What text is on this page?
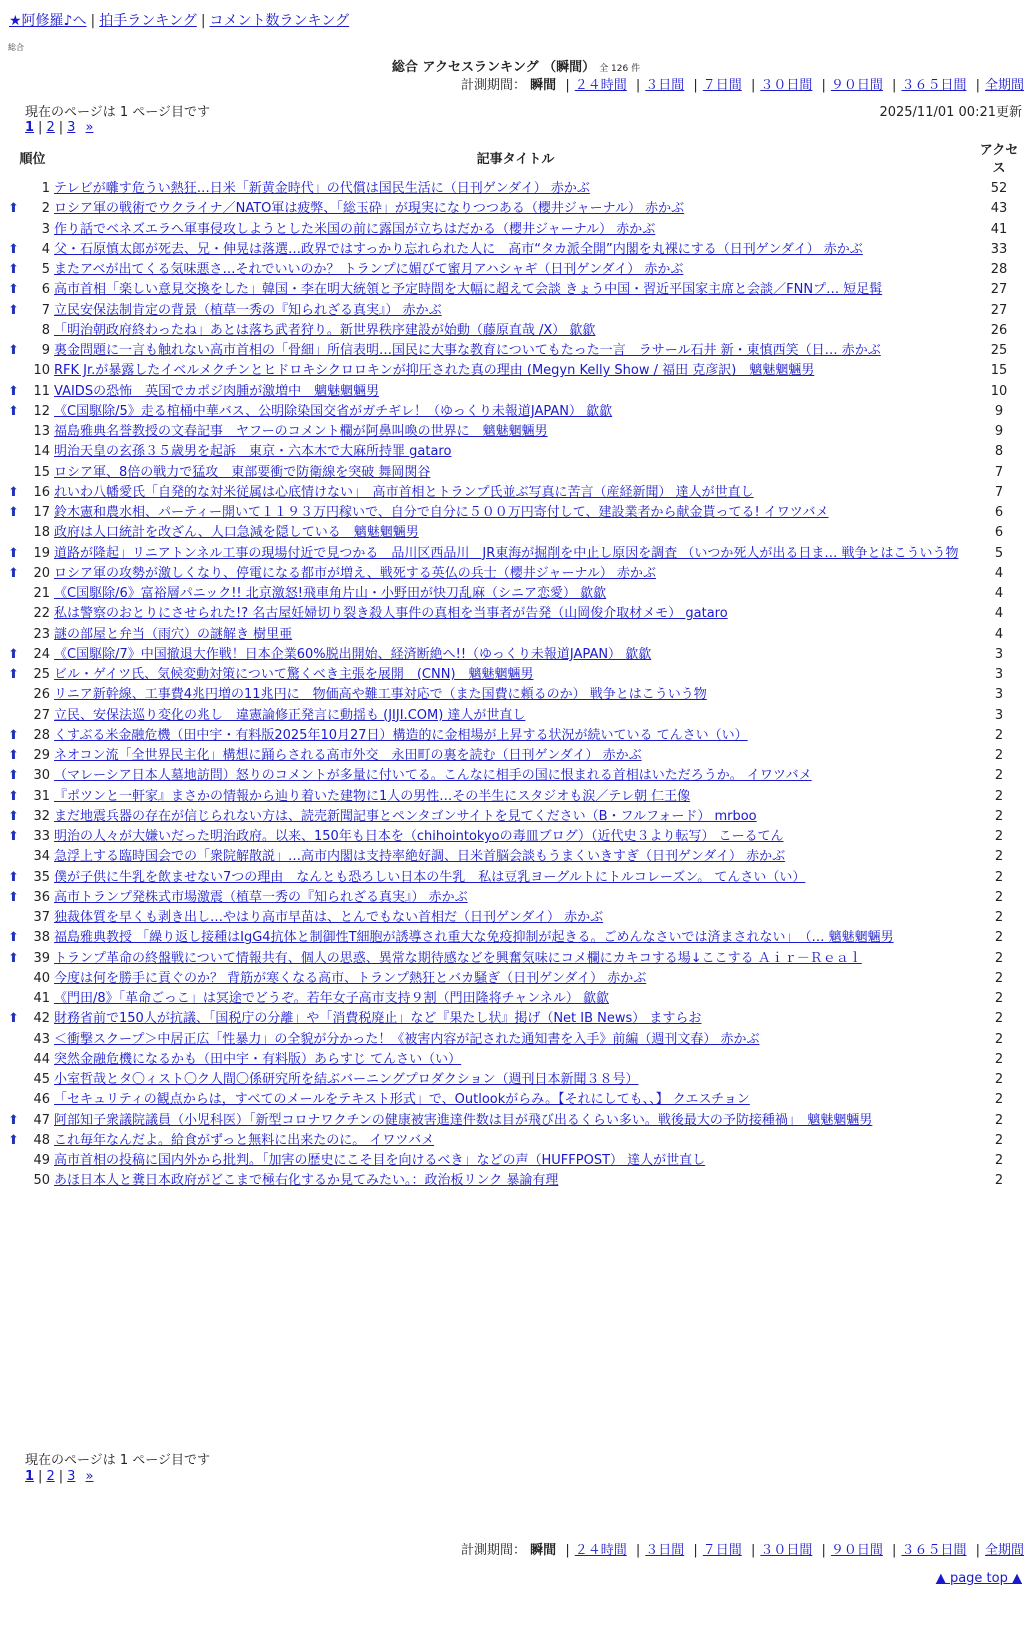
★阿修羅♪へ | 拍手ランキング | コメント数ランキング
総合
総合 アクセスランキング （瞬間） 全 126 件
計測期間： 瞬間 | ２４時間 | ３日間 | ７日間 | ３０日間 | ９０日間 | ３６５日間 | 全期間
現在のページは 1 ページ目です	2025/11/01 00:21更新
1 | 2 | 3 »
順位		記事タイトル	アクセス
	1	テレビが囃す危うい熱狂…日米「新黄金時代」の代償は国民生活に（日刊ゲンダイ） 赤かぶ	52
⬆	2	ロシア軍の戦術でウクライナ／NATO軍は疲弊、「総玉砕」が現実になりつつある（櫻井ジャーナル） 赤かぶ	43
	3	作り話でベネズエラへ軍事侵攻しようとした米国の前に露国が立ちはだかる（櫻井ジャーナル） 赤かぶ	41
⬆	4	父・石原慎太郎が死去、兄・伸晃は落選…政界ではすっかり忘れられた人に　高市“タカ派全開”内閣を丸裸にする（日刊ゲンダイ） 赤かぶ	33
⬆	5	またアベが出てくる気味悪さ…それでいいのか？ トランプに媚びて蜜月アハシャギ（日刊ゲンダイ） 赤かぶ	28
⬆	6	高市首相「楽しい意見交換をした」韓国・李在明大統領と予定時間を大幅に超えて会談 きょう中国・習近平国家主席と会談／FNNプ… 短足髯	27
⬆	7	立民安保法制肯定の背景（植草一秀の『知られざる真実』） 赤かぶ	27
	8	「明治朝政府終わったね」あとは落ち武者狩り。新世界秩序建設が始動（藤原直哉 /X） 歙歙	26
⬆	9	裏金問題に一言も触れない高市首相の「骨細」所信表明…国民に大事な教育についてもたった一言　ラサール石井 新・東慎西笑（日… 赤かぶ	25
	10	RFK Jr.が暴露したイベルメクチンとヒドロキシクロロキンが抑圧された真の理由 (Megyn Kelly Show / 福田 克彦訳)　魑魅魍魎男	15
⬆	11	VAIDSの恐怖　英国でカポジ肉腫が激増中　魑魅魍魎男	10
⬆	12	《C国駆除/5》走る棺桶中華バス、公明除染国交省がガチギレ！（ゆっくり未報道JAPAN） 歙歙	9
	13	福島雅典名誉教授の文春記事　ヤフーのコメント欄が阿鼻叫喚の世界に　魑魅魍魎男	9
	14	明治天皇の玄孫３５歳男を起訴　東京・六本木で大麻所持罪 gataro	8
	15	ロシア軍、8倍の戦力で猛攻　東部要衝で防衛線を突破 舞岡関谷	7
⬆	16	れいわ八幡愛氏「自発的な対米従属は心底情けない」　高市首相とトランプ氏並ぶ写真に苦言（産経新聞） 達人が世直し	7
⬆	17	鈴木憲和農水相、パーティー開いて１１９３万円稼いで、自分で自分に５００万円寄付して、建設業者から献金貰ってる! イワツバメ	6
	18	政府は人口統計を改ざん、人口急減を隠している　魑魅魍魎男	6
⬆	19	道路が隆起」リニアトンネル工事の現場付近で見つかる　品川区西品川　JR東海が掘削を中止し原因を調査 （いつか死人が出る日ま… 戦争とはこういう物	5
⬆	20	ロシア軍の攻勢が激しくなり、停電になる都市が増え、戦死する英仏の兵士（櫻井ジャーナル） 赤かぶ	4
	21	《C国駆除/6》富裕層パニック!! 北京激怒!飛車角片山・小野田が快刀乱麻（シニア恋愛） 歙歙	4
	22	私は警察のおとりにさせられた!? 名古屋妊婦切り裂き殺人事件の真相を当事者が告発（山岡俊介取材メモ） gataro	4
	23	謎の部屋と弁当（雨穴）の謎解き 樹里亜	4
⬆	24	《C国駆除/7》中国撤退大作戦！日本企業60%脱出開始、経済断絶へ!!（ゆっくり未報道JAPAN） 歙歙	3
⬆	25	ビル・ゲイツ氏、気候変動対策について驚くべき主張を展開　(CNN)　魑魅魍魎男	3
	26	リニア新幹線、工事費4兆円増の11兆円に　物価高や難工事対応で（また国費に頼るのか） 戦争とはこういう物	3
	27	立民、安保法巡り変化の兆し　違憲論修正発言に動揺も (JIJI.COM) 達人が世直し	3
⬆	28	くすぶる米金融危機（田中宇・有料版2025年10月27日）構造的に金相場が上昇する状況が続いている てんさい（い）	2
⬆	29	ネオコン流「全世界民主化」構想に踊らされる高市外交　永田町の裏を読む（日刊ゲンダイ） 赤かぶ	2
⬆	30	（マレーシア日本人墓地訪問）怒りのコメントが多量に付いてる。こんなに相手の国に恨まれる首相はいただろうか。 イワツバメ	2
⬆	31	『ポツンと一軒家』まさかの情報から辿り着いた建物に1人の男性…その半生にスタジオも涙／テレ朝 仁王像	2
⬆	32	まだ地震兵器の存在が信じられない方は、読売新聞記事とペンタゴンサイトを見てください（B・フルフォード） mrboo	2
⬆	33	明治の人々が大嫌いだった明治政府。以来、150年も日本を（chihointokyoの毒皿ブログ）（近代史３より転写） こーるてん	2
	34	急浮上する臨時国会での「衆院解散説」…高市内閣は支持率絶好調、日米首脳会談もうまくいきすぎ（日刊ゲンダイ） 赤かぶ	2
⬆	35	僕が子供に牛乳を飲ませない7つの理由　なんとも恐ろしい日本の牛乳　私は豆乳ヨーグルトにトルコレーズン。 てんさい（い）	2
⬆	36	高市トランプ発株式市場激震（植草一秀の『知られざる真実』） 赤かぶ	2
	37	独裁体質を早くも剥き出し…やはり高市早苗は、とんでもない首相だ（日刊ゲンダイ） 赤かぶ	2
⬆	38	福島雅典教授 「繰り返し接種はIgG4抗体と制御性T細胞が誘導され重大な免疫抑制が起きる。ごめんなさいでは済まされない」　（… 魑魅魍魎男	2
⬆	39	トランプ革命の終盤戦について情報共有、個人の思惑、異常な期待感などを興奮気味にコメ欄にカキコする場↓ここする Ａｉｒ－Ｒｅａｌ	2
	40	今度は何を勝手に貢ぐのか？ 背筋が寒くなる高市、トランプ熱狂とバカ騒ぎ（日刊ゲンダイ） 赤かぶ	2
	41	《門田/8》「革命ごっこ」は冥途でどうぞ。若年女子高市支持９割（門田隆将チャンネル） 歙歙	2
⬆	42	財務省前で150人が抗議、「国税庁の分離」や「消費税廃止」など『果たし状』掲げ（Net IB News） ますらお	2
	43	＜衝撃スクープ＞中居正広「性暴力」の全貌が分かった！《被害内容が記された通知書を入手》前編（週刊文春） 赤かぶ	2
	44	突然金融危機になるかも（田中宇・有料版）あらすじ てんさい（い）	2
	45	小室哲哉とタ〇ィスト〇ク人間〇係研究所を結ぶバーニングプロダクション（週刊日本新聞３８号）	2
	46	「セキュリティの観点からは，すべてのメールをテキスト形式」で、Outlookがらみ。【それにしても、、】 クエスチョン	2
⬆	47	阿部知子衆議院議員（小児科医）「新型コロナワクチンの健康被害進達件数は目が飛び出るくらい多い。戦後最大の予防接種禍」　魑魅魍魎男	2
⬆	48	これ毎年なんだよ。給食がずっと無料に出来たのに。 イワツバメ	2
	49	高市首相の投稿に国内外から批判。「加害の歴史にこそ目を向けるべき」などの声（HUFFPOST） 達人が世直し	2
	50	あほ日本人と糞日本政府がどこまで極右化するか見てみたい。：政治板リンク 暴論有理	2
現在のページは 1 ページ目です
1 | 2 | 3 »
計測期間： 瞬間 | ２４時間 | ３日間 | ７日間 | ３０日間 | ９０日間 | ３６５日間 | 全期間
▲ page top ▲
